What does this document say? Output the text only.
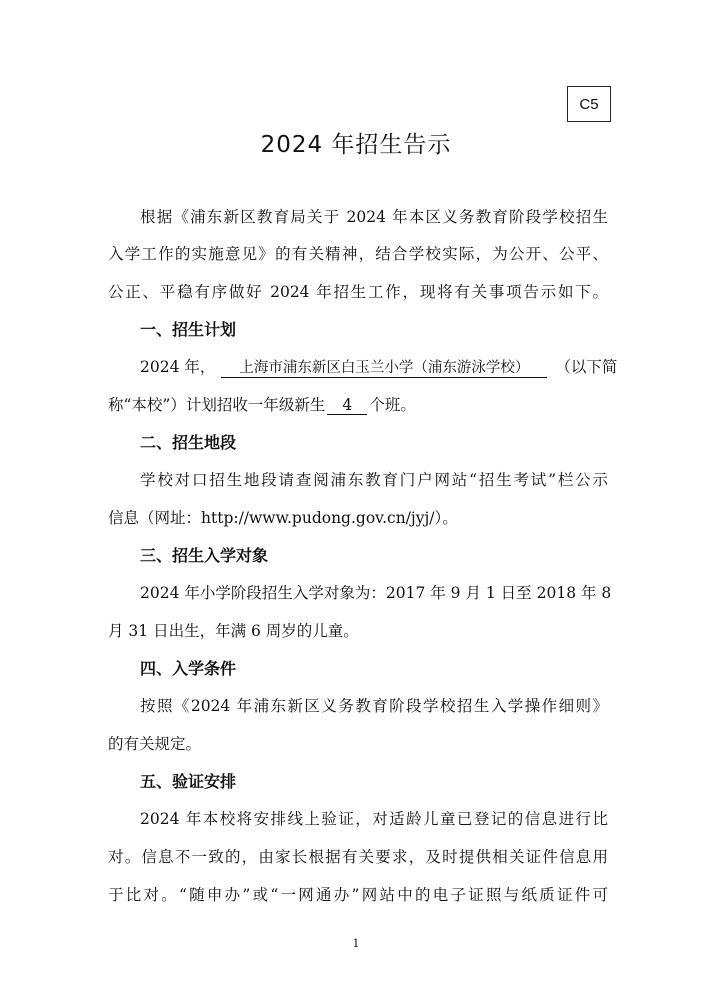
C5
2024 年招生告示
根据《浦东新区教育局关于 2024 年本区义务教育阶段学校招生
入学工作的实施意见》的有关精神，结合学校实际，为公开、公平、
公正、平稳有序做好 2024 年招生工作，现将有关事项告示如下。
一、招生计划
2024 年， 上海市浦东新区白玉兰小学（浦东游泳学校） （以下简
称“本校”）计划招收一年级新生 4 个班。
二、招生地段
学校对口招生地段请查阅浦东教育门户网站“招生考试”栏公示
信息（网址：http://www.pudong.gov.cn/jyj/）。
三、招生入学对象
2024 年小学阶段招生入学对象为：2017 年 9 月 1 日至 2018 年 8
月 31 日出生，年满 6 周岁的儿童。
四、入学条件
按照《2024 年浦东新区义务教育阶段学校招生入学操作细则》
的有关规定。
五、验证安排
2024 年本校将安排线上验证，对适龄儿童已登记的信息进行比
对。信息不一致的，由家长根据有关要求，及时提供相关证件信息用
于比对。“随申办”或“一网通办”网站中的电子证照与纸质证件可
1
